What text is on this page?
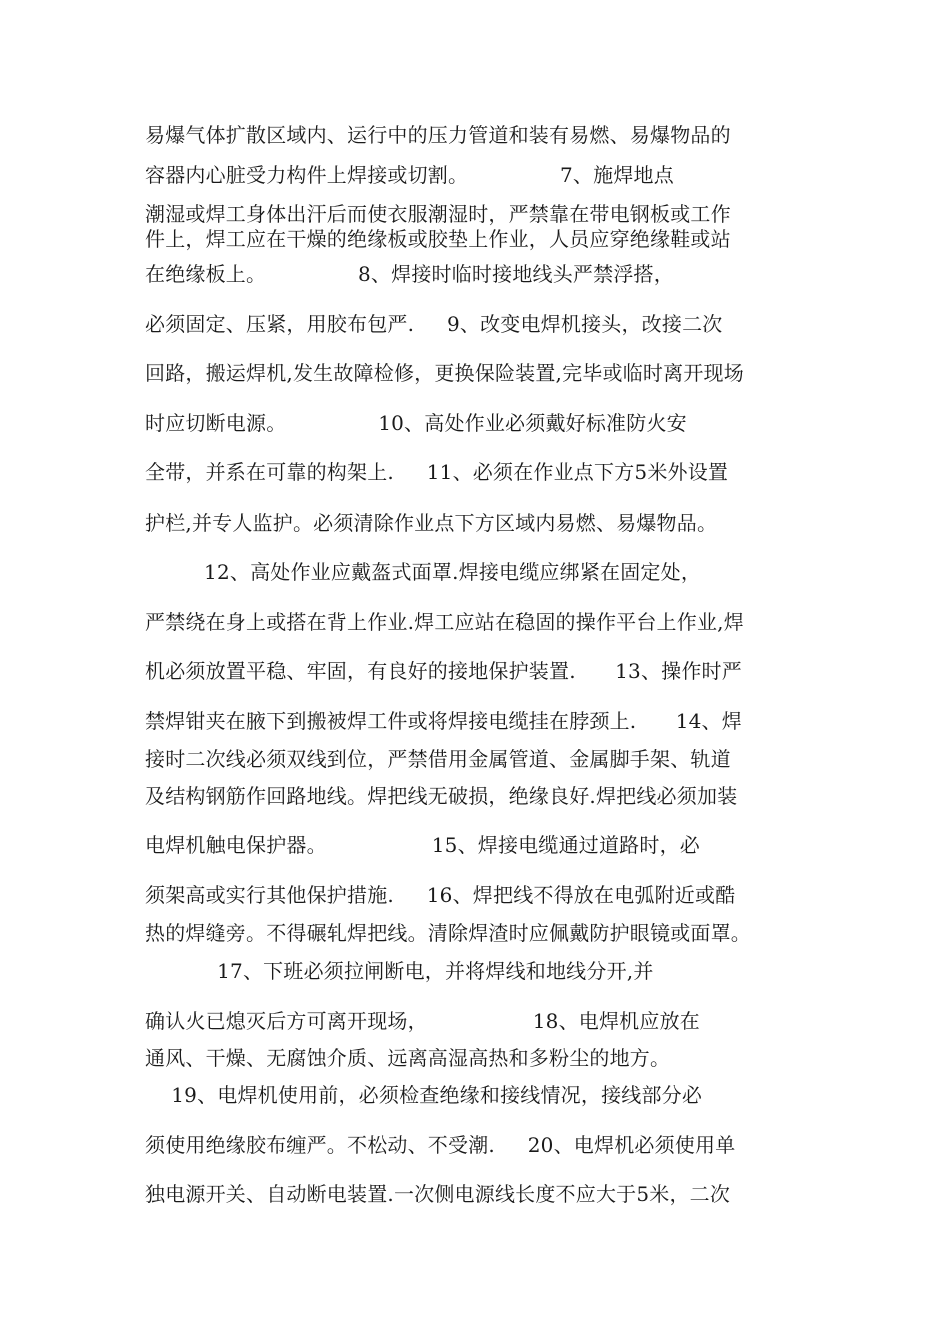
易爆气体扩散区域内、运行中的压力管道和装有易燃、易爆物品的
容器内心脏受力构件上焊接或切割。              7、施焊地点
潮湿或焊工身体出汗后而使衣服潮湿时，严禁靠在带电钢板或工作
件上，焊工应在干燥的绝缘板或胶垫上作业，人员应穿绝缘鞋或站
在绝缘板上。              8、焊接时临时接地线头严禁浮搭，
必须固定、压紧，用胶布包严.     9、改变电焊机接头，改接二次
回路，搬运焊机,发生故障检修，更换保险装置,完毕或临时离开现场
时应切断电源。              10、高处作业必须戴好标准防火安
全带，并系在可靠的构架上.     11、必须在作业点下方5米外设置
护栏,并专人监护。必须清除作业点下方区域内易燃、易爆物品。
12、高处作业应戴盔式面罩.焊接电缆应绑紧在固定处，
严禁绕在身上或搭在背上作业.焊工应站在稳固的操作平台上作业,焊
机必须放置平稳、牢固，有良好的接地保护装置.      13、操作时严
禁焊钳夹在腋下到搬被焊工件或将焊接电缆挂在脖颈上.      14、焊
接时二次线必须双线到位，严禁借用金属管道、金属脚手架、轨道
及结构钢筋作回路地线。焊把线无破损，绝缘良好.焊把线必须加装
电焊机触电保护器。                15、焊接电缆通过道路时，必
须架高或实行其他保护措施.     16、焊把线不得放在电弧附近或酷
热的焊缝旁。不得碾轧焊把线。清除焊渣时应佩戴防护眼镜或面罩。
17、下班必须拉闸断电，并将焊线和地线分开,并
确认火已熄灭后方可离开现场，                18、电焊机应放在
通风、干燥、无腐蚀介质、远离高湿高热和多粉尘的地方。
19、电焊机使用前，必须检查绝缘和接线情况，接线部分必
须使用绝缘胶布缠严。不松动、不受潮.     20、电焊机必须使用单
独电源开关、自动断电装置.一次侧电源线长度不应大于5米，二次
